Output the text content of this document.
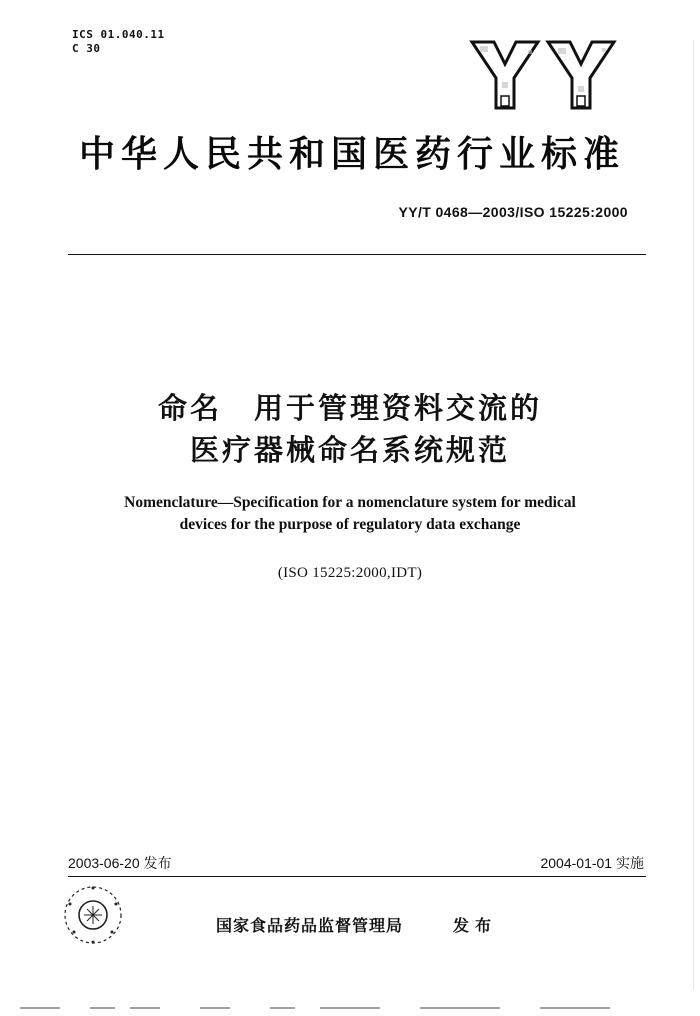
ICS 01.040.11
C 30
中华人民共和国医药行业标准
YY/T 0468—2003/ISO 15225:2000
命名　用于管理资料交流的
医疗器械命名系统规范
Nomenclature—Specification for a nomenclature system for medical
devices for the purpose of regulatory data exchange
(ISO 15225:2000,IDT)
2003-06-20 发布	2004-01-01 实施
国家食品药品监督管理局	发布
